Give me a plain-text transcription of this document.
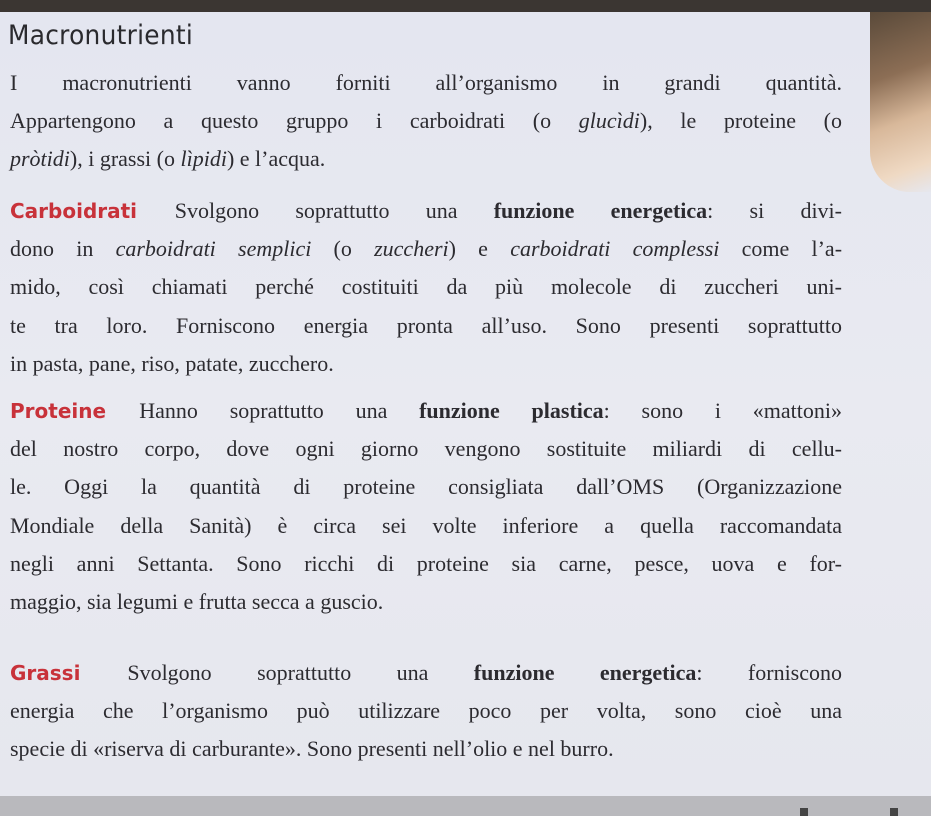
Macronutrienti
I macronutrienti vanno forniti all’organismo in grandi quantità.
Appartengono a questo gruppo i carboidrati (o glucìdi), le proteine (o
pròtidi), i grassi (o lìpidi) e l’acqua.
Carboidrati Svolgono soprattutto una funzione energetica: si divi-
dono in carboidrati semplici (o zuccheri) e carboidrati complessi come l’a-
mido, così chiamati perché costituiti da più molecole di zuccheri uni-
te tra loro. Forniscono energia pronta all’uso. Sono presenti soprattutto
in pasta, pane, riso, patate, zucchero.
Proteine Hanno soprattutto una funzione plastica: sono i «mattoni»
del nostro corpo, dove ogni giorno vengono sostituite miliardi di cellu-
le. Oggi la quantità di proteine consigliata dall’OMS (Organizzazione
Mondiale della Sanità) è circa sei volte inferiore a quella raccomandata
negli anni Settanta. Sono ricchi di proteine sia carne, pesce, uova e for-
maggio, sia legumi e frutta secca a guscio.
Grassi Svolgono soprattutto una funzione energetica: forniscono
energia che l’organismo può utilizzare poco per volta, sono cioè una
specie di «riserva di carburante». Sono presenti nell’olio e nel burro.
